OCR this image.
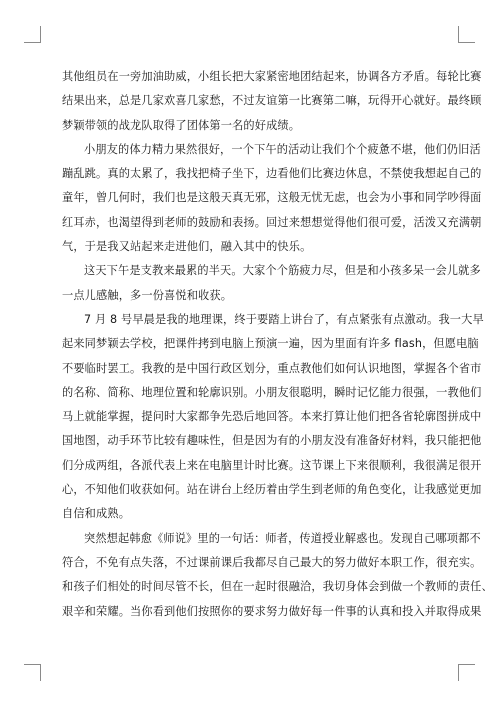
其他组员在一旁加油助威，小组长把大家紧密地团结起来，协调各方矛盾。每轮比赛
结果出来，总是几家欢喜几家愁，不过友谊第一比赛第二嘛，玩得开心就好。最终顾
梦颖带领的战龙队取得了团体第一名的好成绩。
小朋友的体力精力果然很好，一个下午的活动让我们个个疲惫不堪，他们仍旧活
蹦乱跳。真的太累了，我找把椅子坐下，边看他们比赛边休息，不禁使我想起自己的
童年，曾几何时，我们也是这般天真无邪，这般无忧无虑，也会为小事和同学吵得面
红耳赤，也渴望得到老师的鼓励和表扬。回过来想想觉得他们很可爱，活泼又充满朝
气，于是我又站起来走进他们，融入其中的快乐。
这天下午是支教来最累的半天。大家个个筋疲力尽，但是和小孩多呆一会儿就多
一点儿感触，多一份喜悦和收获。
7 月 8 号早晨是我的地理课，终于要踏上讲台了，有点紧张有点激动。我一大早
起来同梦颖去学校，把课件拷到电脑上预演一遍，因为里面有许多 flash，但愿电脑
不要临时罢工。我教的是中国行政区划分，重点教他们如何认识地图，掌握各个省市
的名称、简称、地理位置和轮廓识别。小朋友很聪明，瞬时记忆能力很强，一教他们
马上就能掌握，提问时大家都争先恐后地回答。本来打算让他们把各省轮廓图拼成中
国地图，动手环节比较有趣味性，但是因为有的小朋友没有准备好材料，我只能把他
们分成两组，各派代表上来在电脑里计时比赛。这节课上下来很顺利，我很满足很开
心，不知他们收获如何。站在讲台上经历着由学生到老师的角色变化，让我感觉更加
自信和成熟。
突然想起韩愈《师说》里的一句话：师者，传道授业解惑也。发现自己哪项都不
符合，不免有点失落，不过课前课后我都尽自己最大的努力做好本职工作，很充实。
和孩子们相处的时间尽管不长，但在一起时很融洽，我切身体会到做一个教师的责任、
艰辛和荣耀。当你看到他们按照你的要求努力做好每一件事的认真和投入并取得成果
